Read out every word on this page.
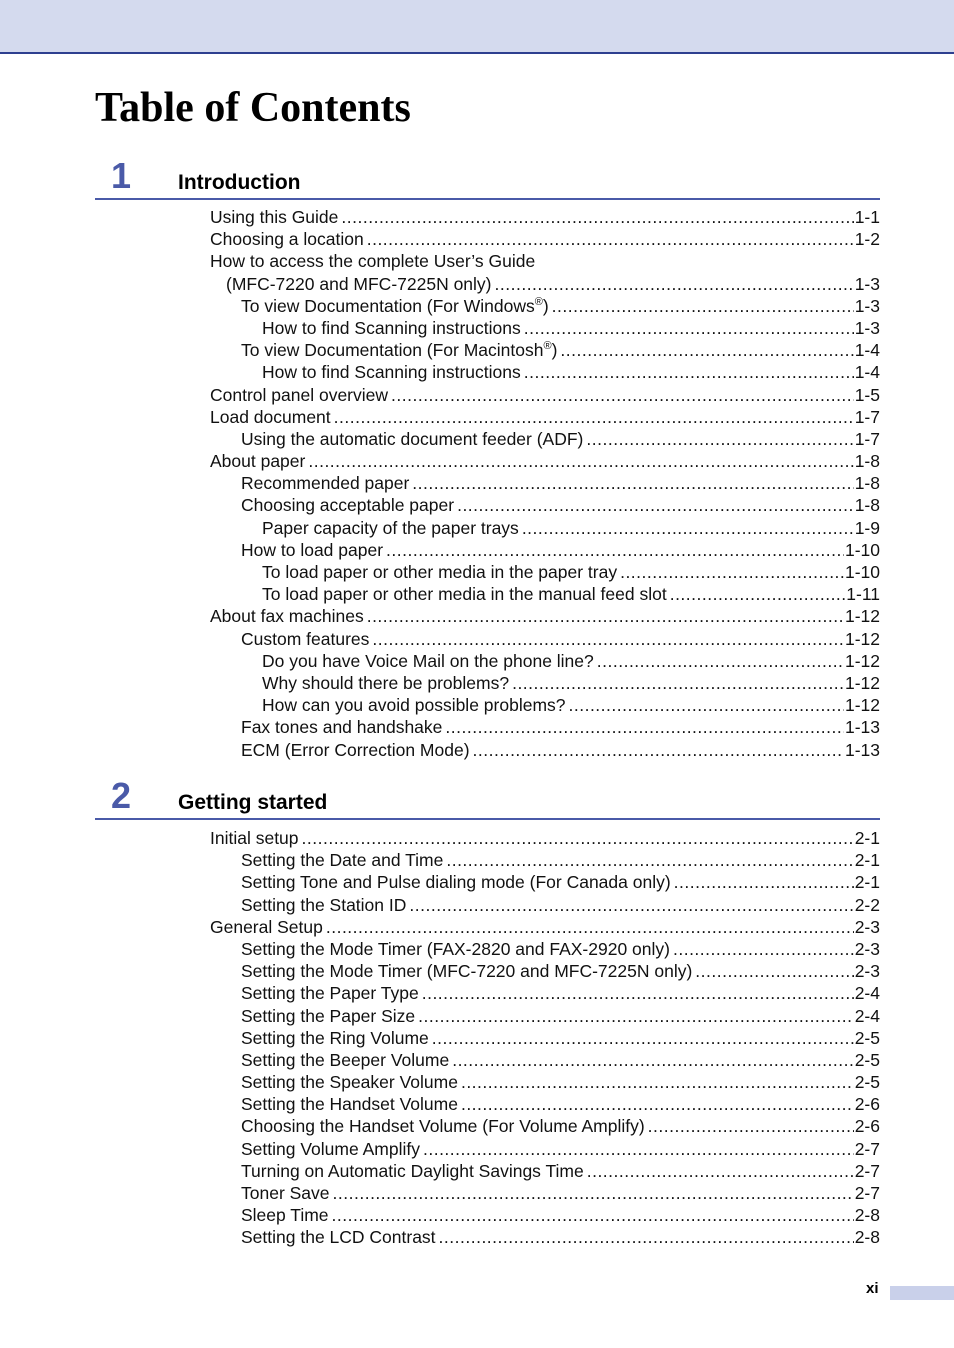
Table of Contents
1 Introduction
Using this Guide .....	1-1
Choosing a location .....	1-2
How to access the complete User’s Guide
(MFC-7220 and MFC-7225N only) .....	1-3
To view Documentation (For Windows®) .....	1-3
How to find Scanning instructions .....	1-3
To view Documentation (For Macintosh®) .....	1-4
How to find Scanning instructions .....	1-4
Control panel overview .....	1-5
Load document .....	1-7
Using the automatic document feeder (ADF) .....	1-7
About paper .....	1-8
Recommended paper .....	1-8
Choosing acceptable paper .....	1-8
Paper capacity of the paper trays .....	1-9
How to load paper .....	1-10
To load paper or other media in the paper tray .....	1-10
To load paper or other media in the manual feed slot .....	1-11
About fax machines .....	1-12
Custom features .....	1-12
Do you have Voice Mail on the phone line? .....	1-12
Why should there be problems? .....	1-12
How can you avoid possible problems? .....	1-12
Fax tones and handshake .....	1-13
ECM (Error Correction Mode) .....	1-13
2 Getting started
Initial setup .....	2-1
Setting the Date and Time .....	2-1
Setting Tone and Pulse dialing mode (For Canada only) .....	2-1
Setting the Station ID .....	2-2
General Setup .....	2-3
Setting the Mode Timer (FAX-2820 and FAX-2920 only) .....	2-3
Setting the Mode Timer (MFC-7220 and MFC-7225N only) .....	2-3
Setting the Paper Type .....	2-4
Setting the Paper Size .....	2-4
Setting the Ring Volume .....	2-5
Setting the Beeper Volume .....	2-5
Setting the Speaker Volume .....	2-5
Setting the Handset Volume .....	2-6
Choosing the Handset Volume (For Volume Amplify) .....	2-6
Setting Volume Amplify .....	2-7
Turning on Automatic Daylight Savings Time .....	2-7
Toner Save .....	2-7
Sleep Time .....	2-8
Setting the LCD Contrast .....	2-8
xi
